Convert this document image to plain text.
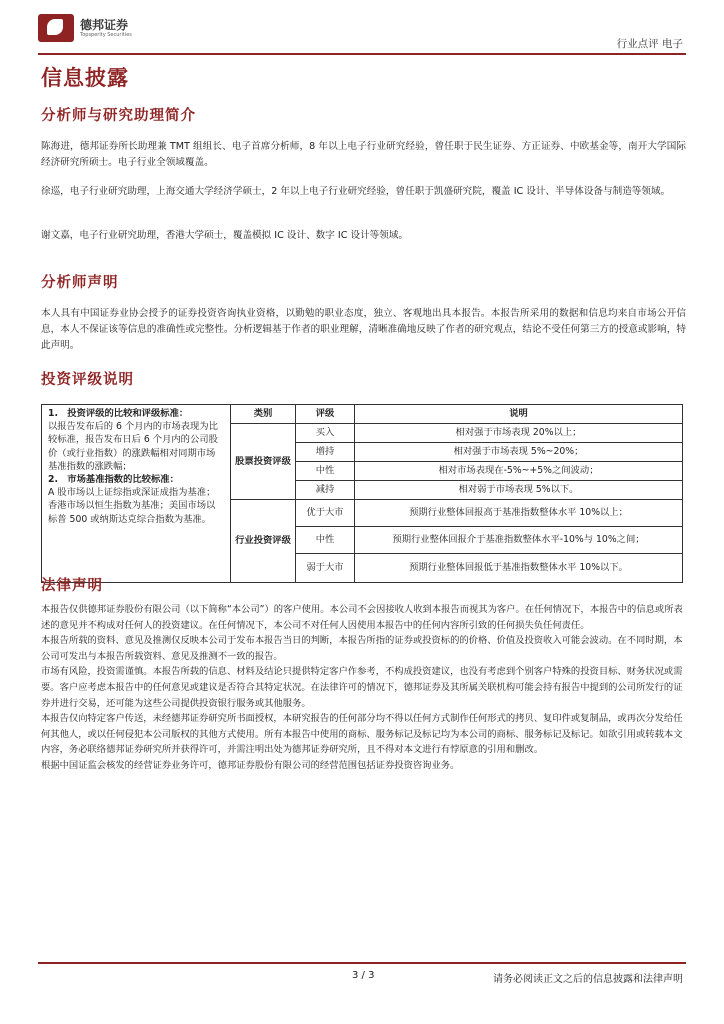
德邦证券
Topsperity Securities
行业点评 电子
信息披露
分析师与研究助理简介

陈海进，德邦证券所长助理兼 TMT 组组长、电子首席分析师，8 年以上电子行业研究经验，曾任职于民生证券、方正证券、中欧基金等，南开大学国际经济研究所硕士。电子行业全领域覆盖。

徐巡，电子行业研究助理，上海交通大学经济学硕士，2 年以上电子行业研究经验，曾任职于凯盛研究院，覆盖 IC 设计、半导体设备与制造等领域。

谢文嘉，电子行业研究助理，香港大学硕士，覆盖模拟 IC 设计、数字 IC 设计等领域。

分析师声明
本人具有中国证券业协会授予的证券投资咨询执业资格，以勤勉的职业态度，独立、客观地出具本报告。本报告所采用的数据和信息均来自市场公开信息，本人不保证该等信息的准确性或完整性。分析逻辑基于作者的职业理解，清晰准确地反映了作者的研究观点，结论不受任何第三方的授意或影响，特此声明。
投资评级说明
1.　投资评级的比较和评级标准：
以报告发布后的 6 个月内的市场表现为比较标准，报告发布日后 6 个月内的公司股价（或行业指数）的涨跌幅相对同期市场基准指数的涨跌幅；
2.　市场基准指数的比较标准：
A 股市场以上证综指或深证成指为基准；香港市场以恒生指数为基准；美国市场以标普 500 或纳斯达克综合指数为基准。	类别	评级	说明
	股票投资评级	买入	相对强于市场表现 20%以上；
		增持	相对强于市场表现 5%~20%；
		中性	相对市场表现在-5%~+5%之间波动；
		减持	相对弱于市场表现 5%以下。
	行业投资评级	优于大市	预期行业整体回报高于基准指数整体水平 10%以上；
		中性	预期行业整体回报介于基准指数整体水平-10%与 10%之间；
		弱于大市	预期行业整体回报低于基准指数整体水平 10%以下。
法律声明

本报告仅供德邦证券股份有限公司（以下简称“本公司”）的客户使用。本公司不会因接收人收到本报告而视其为客户。在任何情况下，本报告中的信息或所表述的意见并不构成对任何人的投资建议。在任何情况下，本公司不对任何人因使用本报告中的任何内容所引致的任何损失负任何责任。

本报告所载的资料、意见及推测仅反映本公司于发布本报告当日的判断，本报告所指的证券或投资标的的价格、价值及投资收入可能会波动。在不同时期，本公司可发出与本报告所载资料、意见及推测不一致的报告。

市场有风险，投资需谨慎。本报告所载的信息、材料及结论只提供特定客户作参考，不构成投资建议，也没有考虑到个别客户特殊的投资目标、财务状况或需要。客户应考虑本报告中的任何意见或建议是否符合其特定状况。在法律许可的情况下，德邦证券及其所属关联机构可能会持有报告中提到的公司所发行的证券并进行交易，还可能为这些公司提供投资银行服务或其他服务。

本报告仅向特定客户传送，未经德邦证券研究所书面授权，本研究报告的任何部分均不得以任何方式制作任何形式的拷贝、复印件或复制品，或再次分发给任何其他人，或以任何侵犯本公司版权的其他方式使用。所有本报告中使用的商标、服务标记及标记均为本公司的商标、服务标记及标记。如欲引用或转载本文内容，务必联络德邦证券研究所并获得许可，并需注明出处为德邦证券研究所，且不得对本文进行有悖原意的引用和删改。

根据中国证监会核发的经营证券业务许可，德邦证券股份有限公司的经营范围包括证券投资咨询业务。

3 / 3	请务必阅读正文之后的信息披露和法律声明
